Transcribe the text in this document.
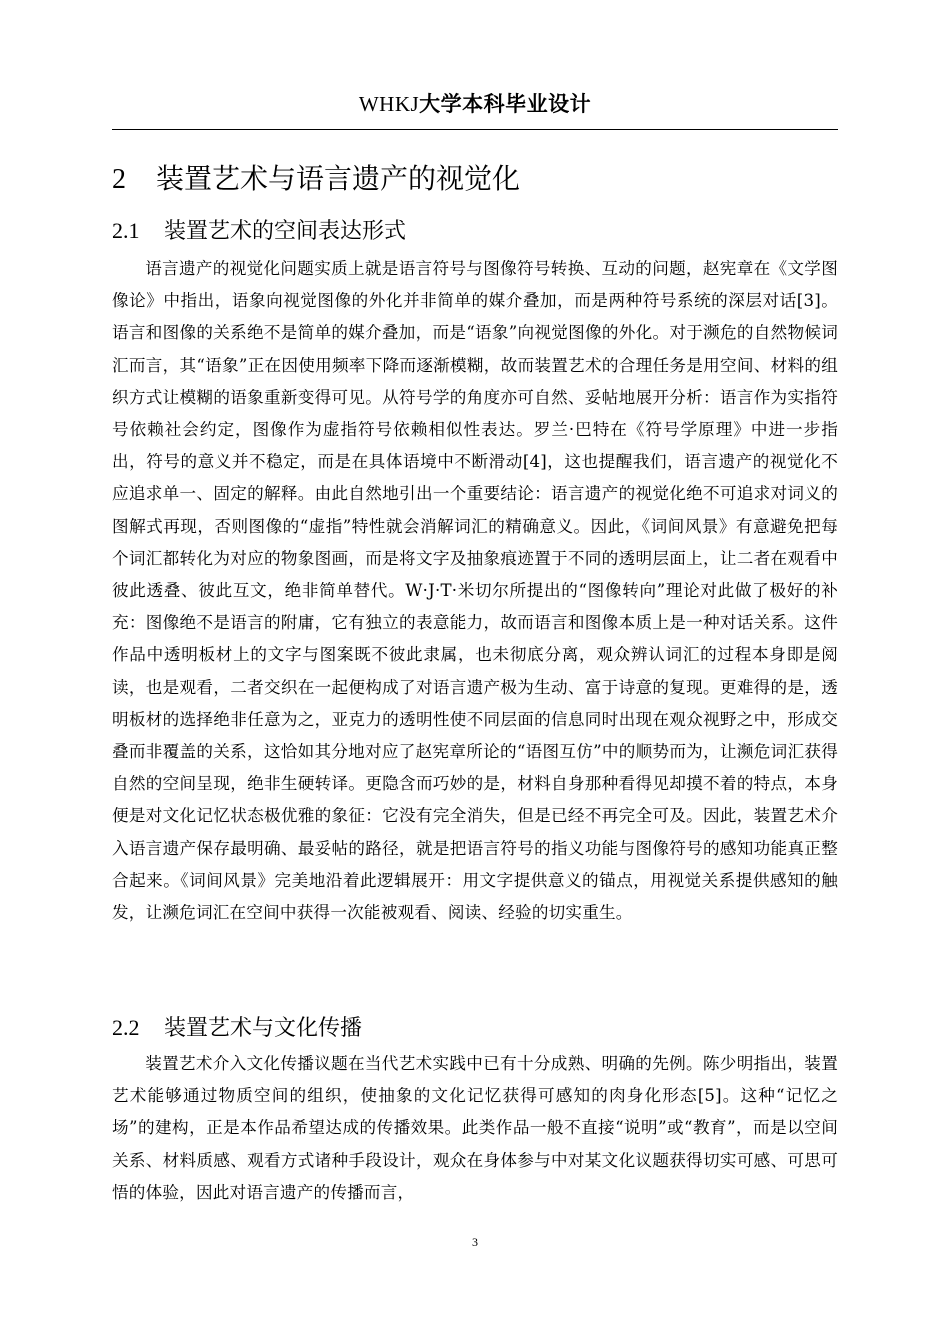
WHKJ大学本科毕业设计
2 装置艺术与语言遗产的视觉化
2.1 装置艺术的空间表达形式

语言遗产的视觉化问题实质上就是语言符号与图像符号转换、互动的问题，赵宪章在《文学图像论》中指出，语象向视觉图像的外化并非简单的媒介叠加，而是两种符号系统的深层对话[3]。语言和图像的关系绝不是简单的媒介叠加，而是“语象”向视觉图像的外化。对于濒危的自然物候词汇而言，其“语象”正在因使用频率下降而逐渐模糊，故而装置艺术的合理任务是用空间、材料的组织方式让模糊的语象重新变得可见。从符号学的角度亦可自然、妥帖地展开分析：语言作为实指符号依赖社会约定，图像作为虚指符号依赖相似性表达。罗兰·巴特在《符号学原理》中进一步指出，符号的意义并不稳定，而是在具体语境中不断滑动[4]，这也提醒我们，语言遗产的视觉化不应追求单一、固定的解释。由此自然地引出一个重要结论：语言遗产的视觉化绝不可追求对词义的图解式再现，否则图像的“虚指”特性就会消解词汇的精确意义。因此，《词间风景》有意避免把每个词汇都转化为对应的物象图画，而是将文字及抽象痕迹置于不同的透明层面上，让二者在观看中彼此透叠、彼此互文，绝非简单替代。W·J·T·米切尔所提出的“图像转向”理论对此做了极好的补充：图像绝不是语言的附庸，它有独立的表意能力，故而语言和图像本质上是一种对话关系。这件作品中透明板材上的文字与图案既不彼此隶属，也未彻底分离，观众辨认词汇的过程本身即是阅读，也是观看，二者交织在一起便构成了对语言遗产极为生动、富于诗意的复现。更难得的是，透明板材的选择绝非任意为之，亚克力的透明性使不同层面的信息同时出现在观众视野之中，形成交叠而非覆盖的关系，这恰如其分地对应了赵宪章所论的“语图互仿”中的顺势而为，让濒危词汇获得自然的空间呈现，绝非生硬转译。更隐含而巧妙的是，材料自身那种看得见却摸不着的特点，本身便是对文化记忆状态极优雅的象征：它没有完全消失，但是已经不再完全可及。因此，装置艺术介入语言遗产保存最明确、最妥帖的路径，就是把语言符号的指义功能与图像符号的感知功能真正整合起来。《词间风景》完美地沿着此逻辑展开：用文字提供意义的锚点，用视觉关系提供感知的触发，让濒危词汇在空间中获得一次能被观看、阅读、经验的切实重生。

2.2 装置艺术与文化传播

装置艺术介入文化传播议题在当代艺术实践中已有十分成熟、明确的先例。陈少明指出，装置艺术能够通过物质空间的组织，使抽象的文化记忆获得可感知的肉身化形态[5]。这种“记忆之场”的建构，正是本作品希望达成的传播效果。此类作品一般不直接“说明”或“教育”，而是以空间关系、材料质感、观看方式诸种手段设计，观众在身体参与中对某文化议题获得切实可感、可思可悟的体验，因此对语言遗产的传播而言，

3
